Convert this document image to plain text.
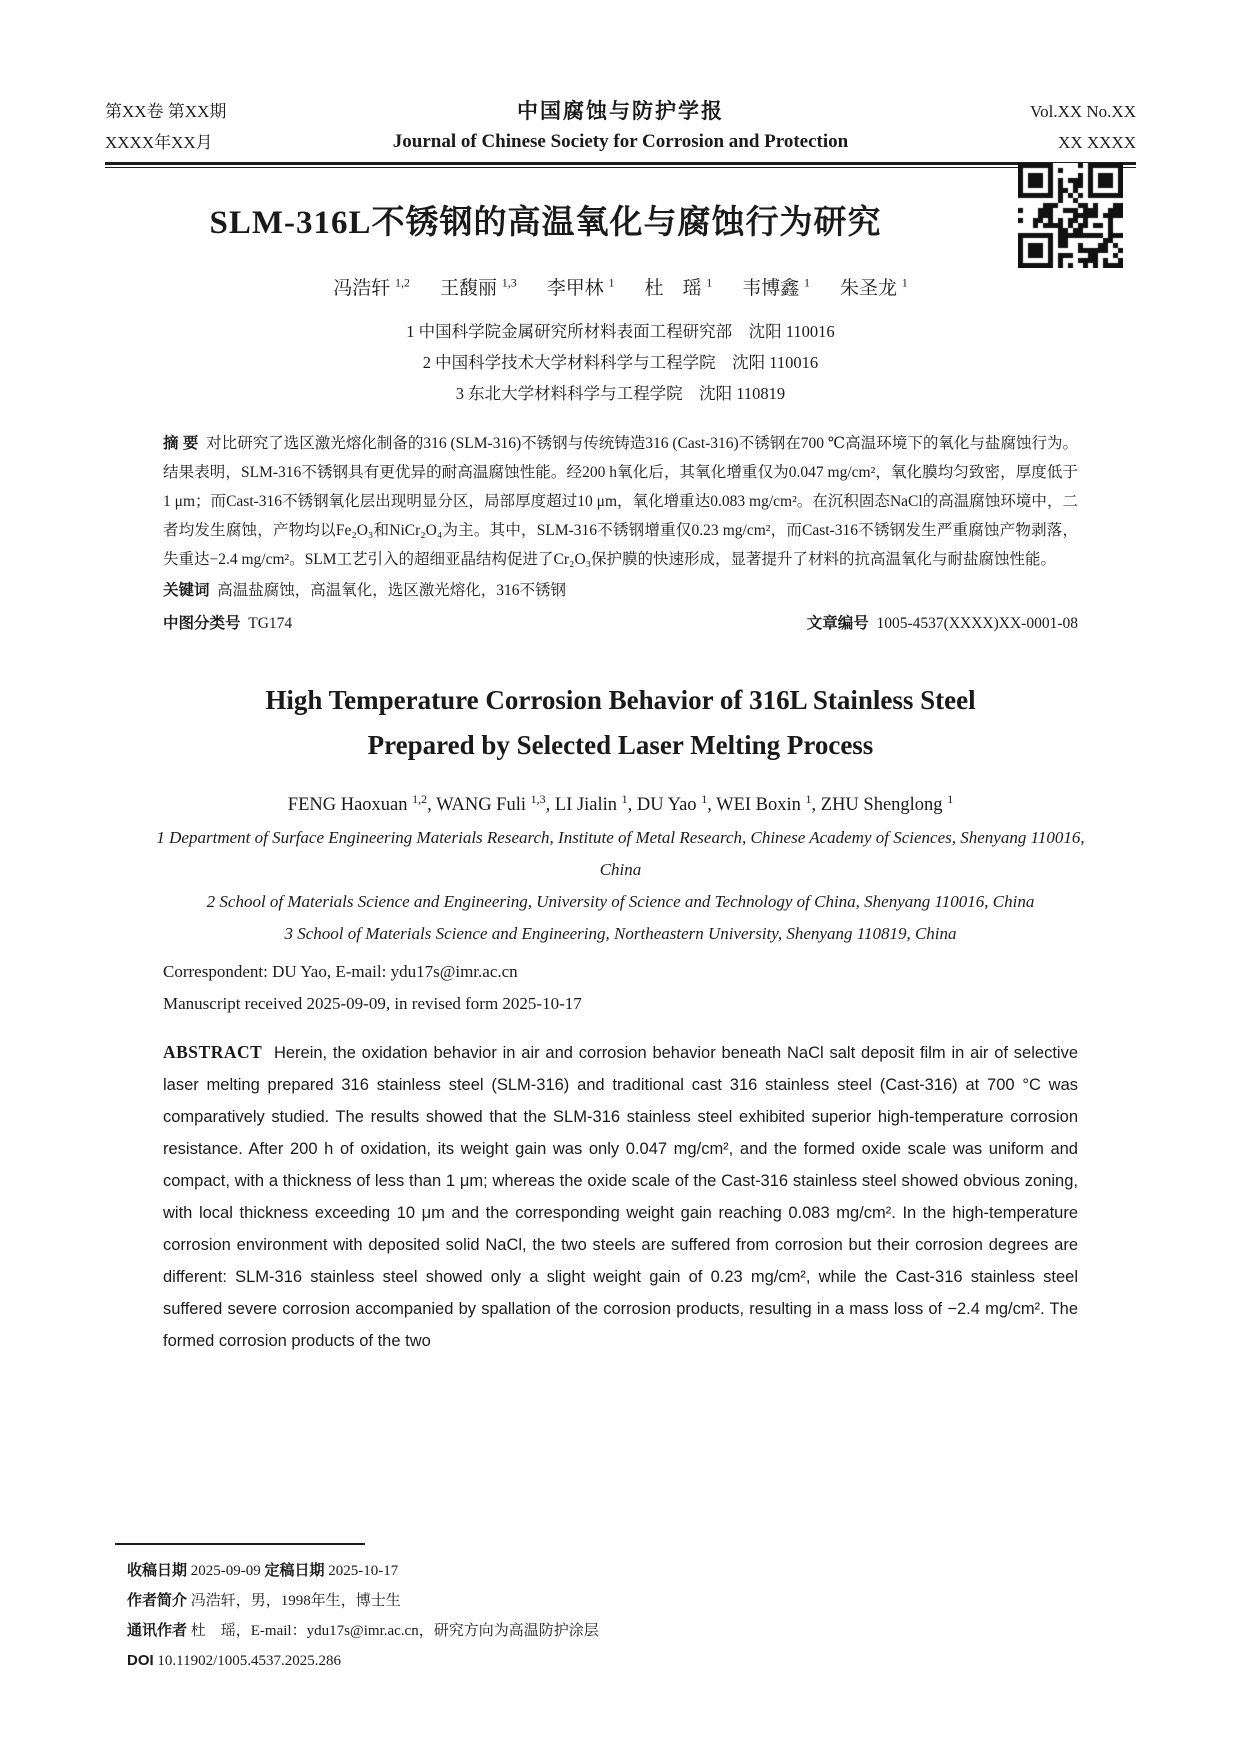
第XX卷 第XX期
XXXX年XX月
中国腐蚀与防护学报
Journal of Chinese Society for Corrosion and Protection
Vol.XX No.XX
XX XXXX
SLM-316L不锈钢的高温氧化与腐蚀行为研究
冯浩轩 $^{1,2}$ 王馥丽 $^{1,3}$ 李甲林 $^1$ 杜　瑶 $^1$ 韦博鑫 $^1$ 朱圣龙 $^1$
1 中国科学院金属研究所材料表面工程研究部　沈阳 110016
2 中国科学技术大学材料科学与工程学院　沈阳 110016
3 东北大学材料科学与工程学院　沈阳 110819

摘 要 对比研究了选区激光熔化制备的316 (SLM-316)不锈钢与传统铸造316 (Cast-316)不锈钢在700 ℃高温环境下的氧化与盐腐蚀行为。结果表明，SLM-316不锈钢具有更优异的耐高温腐蚀性能。经200 h氧化后，其氧化增重仅为0.047 mg/cm²，氧化膜均匀致密，厚度低于1 μm；而Cast-316不锈钢氧化层出现明显分区，局部厚度超过10 μm，氧化增重达0.083 mg/cm²。在沉积固态NaCl的高温腐蚀环境中，二者均发生腐蚀，产物均以Fe₂O₃和NiCr₂O₄为主。其中，SLM-316不锈钢增重仅0.23 mg/cm²，而Cast-316不锈钢发生严重腐蚀产物剥落，失重达−2.4 mg/cm²。SLM工艺引入的超细亚晶结构促进了Cr₂O₃保护膜的快速形成，显著提升了材料的抗高温氧化与耐盐腐蚀性能。

关键词 高温盐腐蚀，高温氧化，选区激光熔化，316不锈钢

中图分类号 TG174	文章编号 1005-4537(XXXX)XX-0001-08
High Temperature Corrosion Behavior of 316L Stainless Steel Prepared by Selected Laser Melting Process
FENG Haoxuan $^{1,2}$, WANG Fuli $^{1,3}$, LI Jialin $^1$, DU Yao $^1$, WEI Boxin $^1$, ZHU Shenglong $^1$

1 Department of Surface Engineering Materials Research, Institute of Metal Research, Chinese Academy of Sciences, Shenyang 110016, China

2 School of Materials Science and Engineering, University of Science and Technology of China, Shenyang 110016, China

3 School of Materials Science and Engineering, Northeastern University, Shenyang 110819, China

Correspondent: DU Yao, E-mail: ydu17s@imr.ac.cn
Manuscript received 2025-09-09, in revised form 2025-10-17

ABSTRACT Herein, the oxidation behavior in air and corrosion behavior beneath NaCl salt deposit film in air of selective laser melting prepared 316 stainless steel (SLM-316) and traditional cast 316 stainless steel (Cast-316) at 700 °C was comparatively studied. The results showed that the SLM-316 stainless steel exhibited superior high-temperature corrosion resistance. After 200 h of oxidation, its weight gain was only 0.047 mg/cm², and the formed oxide scale was uniform and compact, with a thickness of less than 1 μm; whereas the oxide scale of the Cast-316 stainless steel showed obvious zoning, with local thickness exceeding 10 μm and the corresponding weight gain reaching 0.083 mg/cm². In the high-temperature corrosion environment with deposited solid NaCl, the two steels are suffered from corrosion but their corrosion degrees are different: SLM-316 stainless steel showed only a slight weight gain of 0.23 mg/cm², while the Cast-316 stainless steel suffered severe corrosion accompanied by spallation of the corrosion products, resulting in a mass loss of −2.4 mg/cm². The formed corrosion products of the two

收稿日期 2025-09-09 定稿日期 2025-10-17
作者简介 冯浩轩，男，1998年生，博士生
通讯作者 杜　瑶，E-mail：ydu17s@imr.ac.cn，研究方向为高温防护涂层
DOI 10.11902/1005.4537.2025.286
